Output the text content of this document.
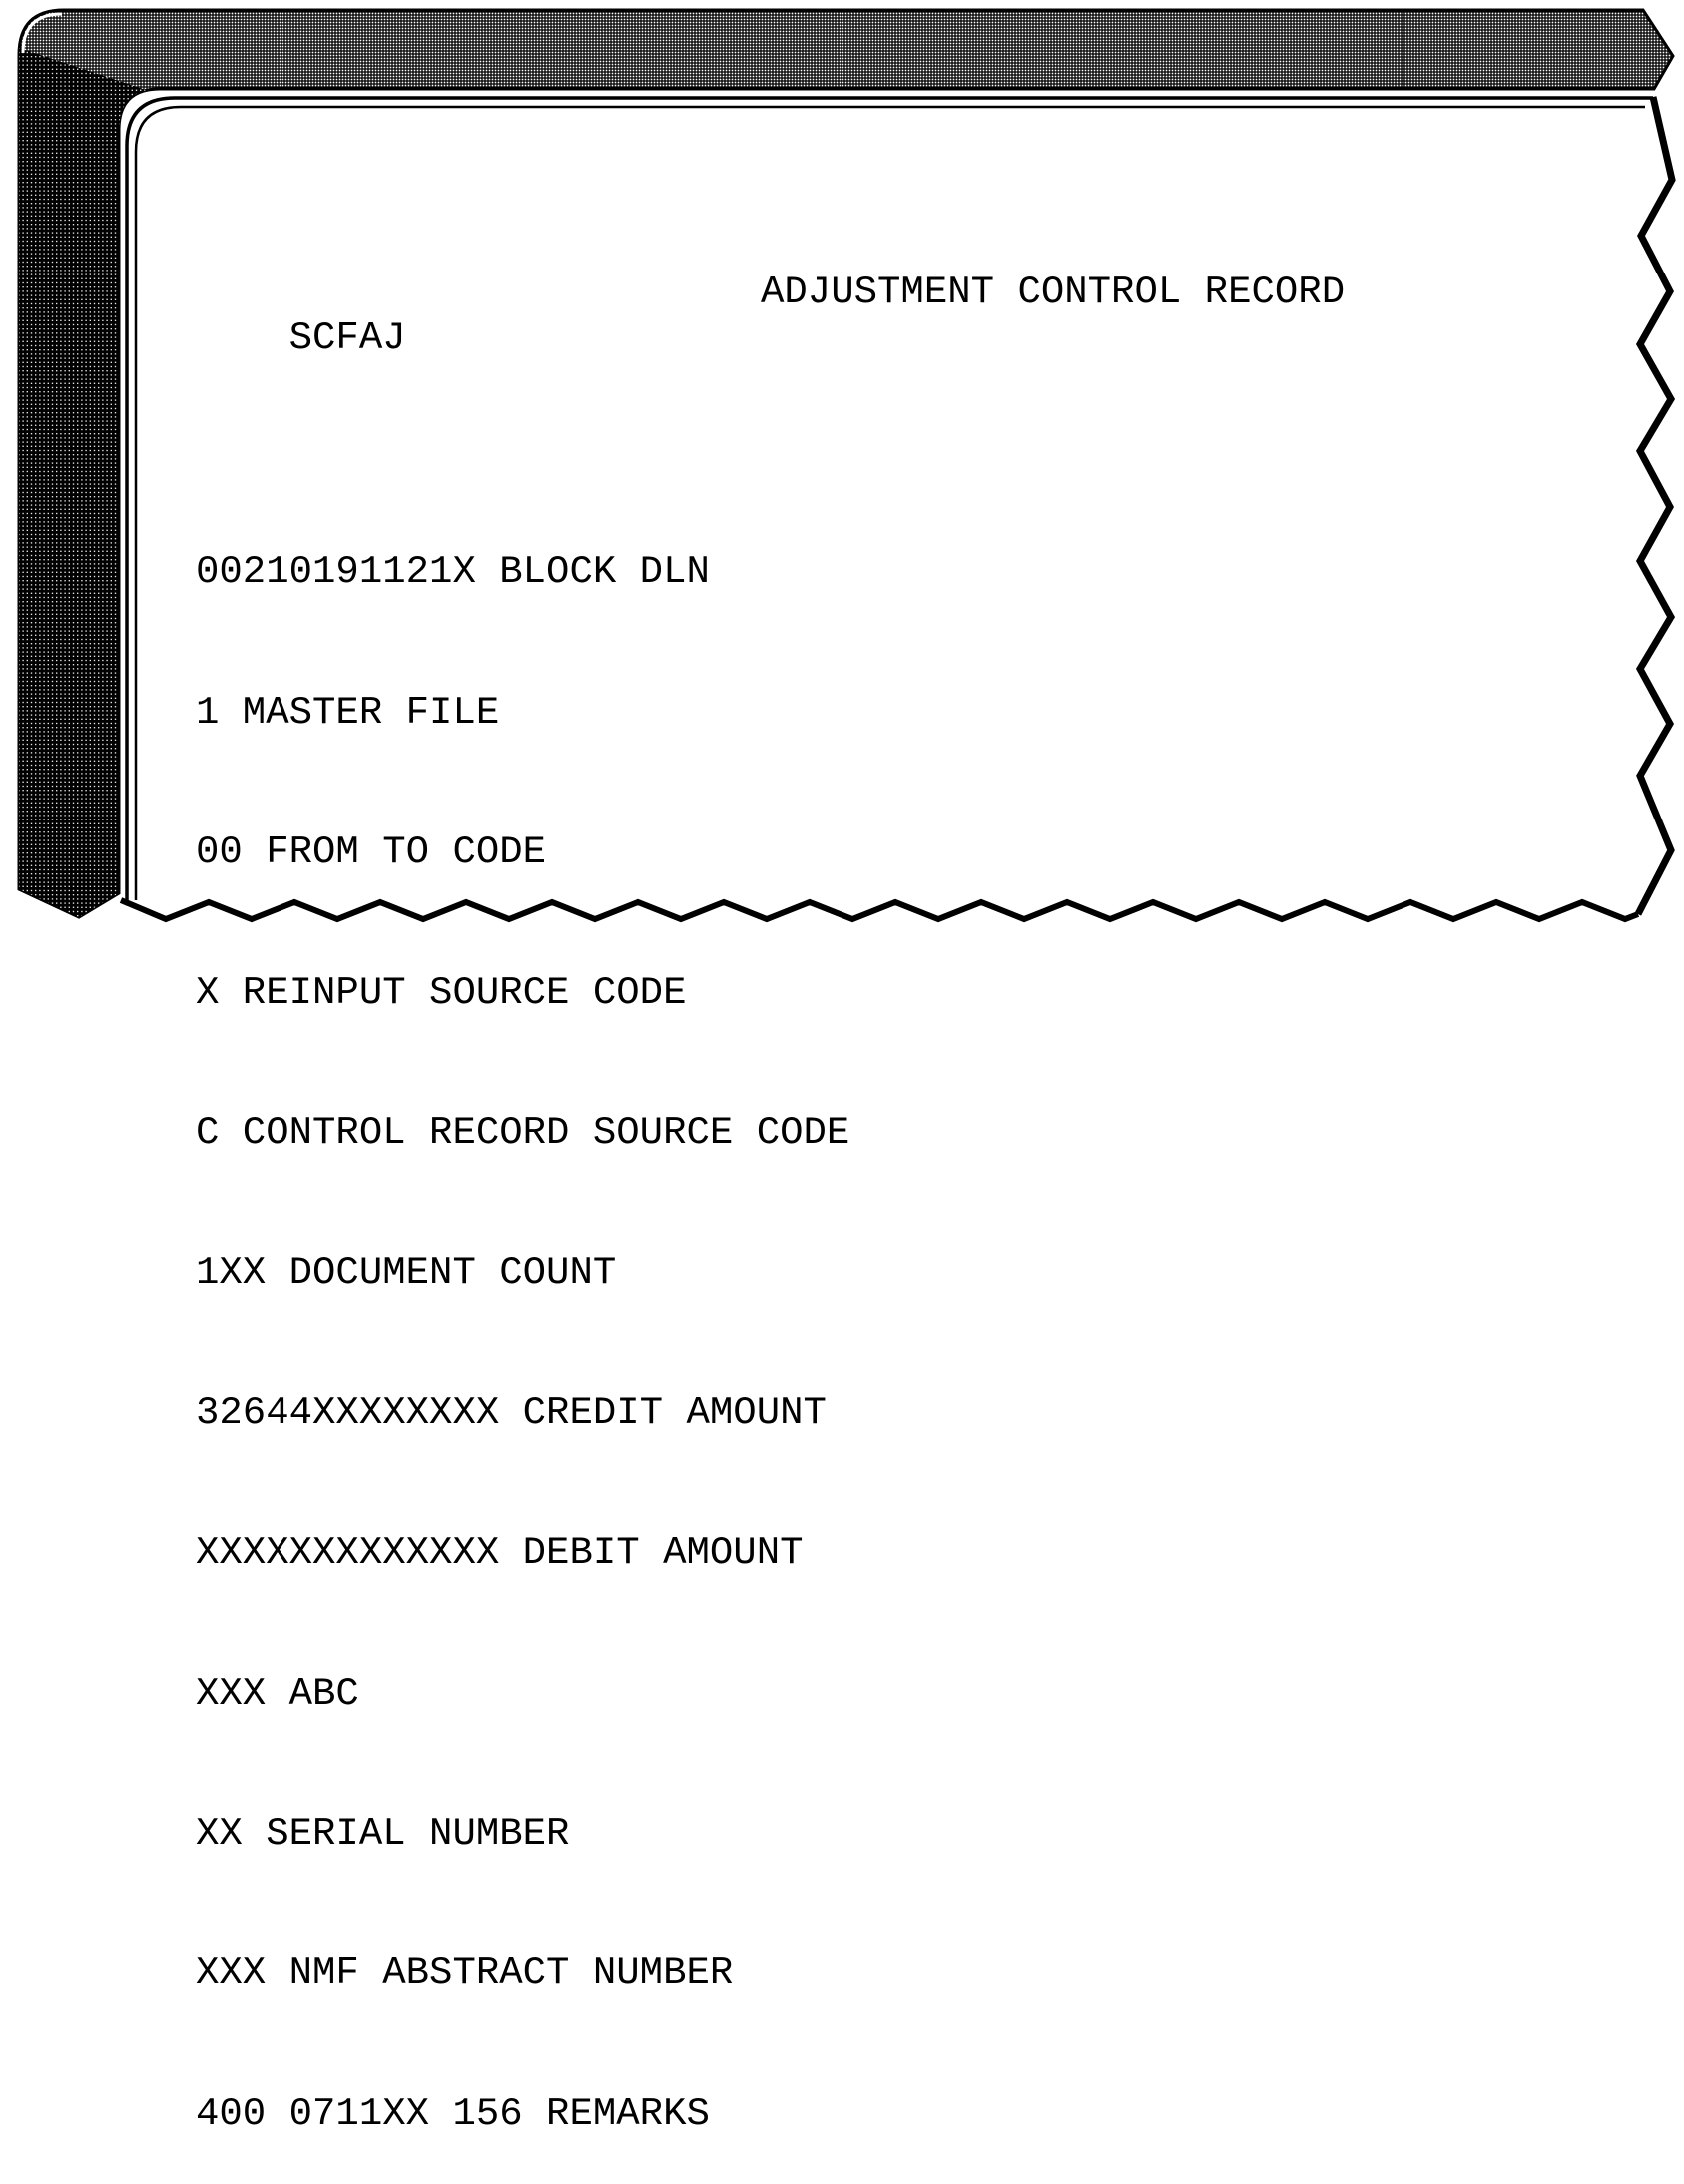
SCFAJ

ADJUSTMENT CONTROL RECORD

00210191121X BLOCK DLN

1 MASTER FILE

00 FROM TO CODE

X REINPUT SOURCE CODE

C CONTROL RECORD SOURCE CODE

1XX DOCUMENT COUNT

32644XXXXXXXX CREDIT AMOUNT

XXXXXXXXXXXXX DEBIT AMOUNT

XXX ABC

XX SERIAL NUMBER

XXX NMF ABSTRACT NUMBER

400 0711XX 156 REMARKS
